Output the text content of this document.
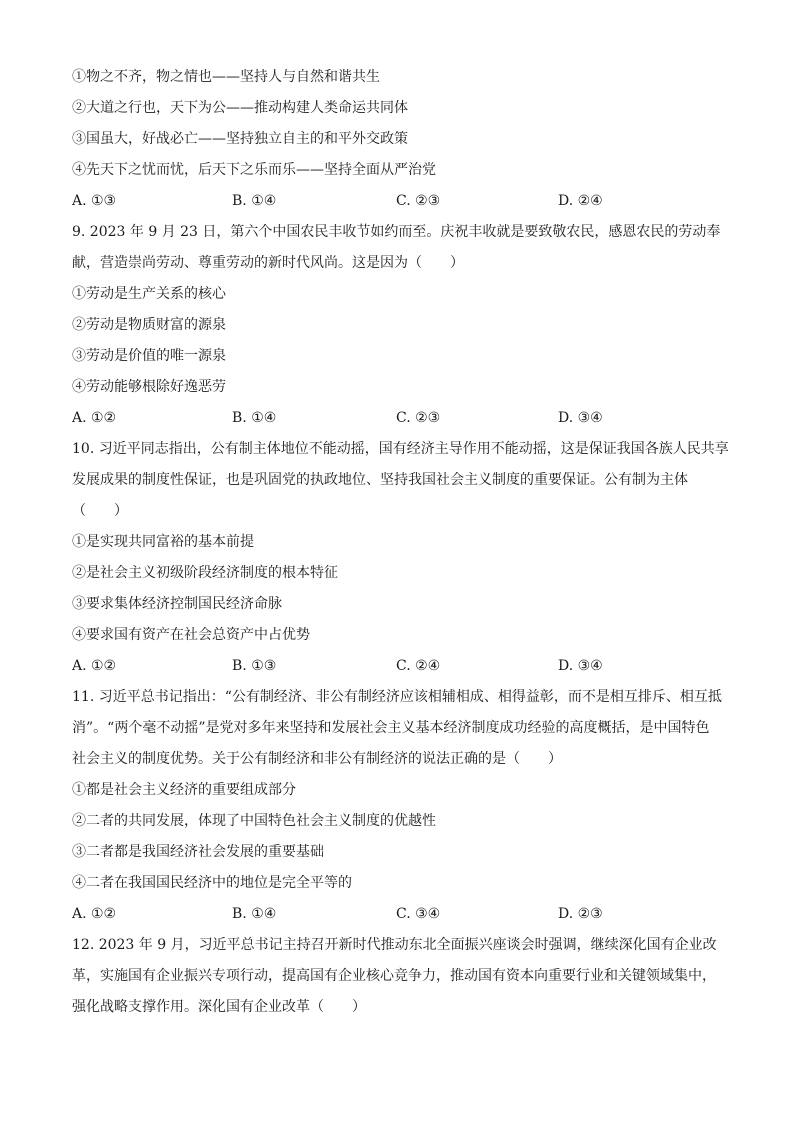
①物之不齐，物之情也——坚持人与自然和谐共生
②大道之行也，天下为公——推动构建人类命运共同体
③国虽大，好战必亡——坚持独立自主的和平外交政策
④先天下之忧而忧，后天下之乐而乐——坚持全面从严治党
A. ①③	B. ①④	C. ②③	D. ②④
9. 2023 年 9 月 23 日，第六个中国农民丰收节如约而至。庆祝丰收就是要致敬农民，感恩农民的劳动奉
献，营造崇尚劳动、尊重劳动的新时代风尚。这是因为（　　）
①劳动是生产关系的核心
②劳动是物质财富的源泉
③劳动是价值的唯一源泉
④劳动能够根除好逸恶劳
A. ①②	B. ①④	C. ②③	D. ③④
10. 习近平同志指出，公有制主体地位不能动摇，国有经济主导作用不能动摇，这是保证我国各族人民共享
发展成果的制度性保证，也是巩固党的执政地位、坚持我国社会主义制度的重要保证。公有制为主体
（　　）
①是实现共同富裕的基本前提
②是社会主义初级阶段经济制度的根本特征
③要求集体经济控制国民经济命脉
④要求国有资产在社会总资产中占优势
A. ①②	B. ①③	C. ②④	D. ③④
11. 习近平总书记指出：“公有制经济、非公有制经济应该相辅相成、相得益彰，而不是相互排斥、相互抵
消”。“两个毫不动摇”是党对多年来坚持和发展社会主义基本经济制度成功经验的高度概括，是中国特色
社会主义的制度优势。关于公有制经济和非公有制经济的说法正确的是（　　）
①都是社会主义经济的重要组成部分
②二者的共同发展，体现了中国特色社会主义制度的优越性
③二者都是我国经济社会发展的重要基础
④二者在我国国民经济中的地位是完全平等的
A. ①②	B. ①④	C. ③④	D. ②③
12. 2023 年 9 月，习近平总书记主持召开新时代推动东北全面振兴座谈会时强调，继续深化国有企业改
革，实施国有企业振兴专项行动，提高国有企业核心竞争力，推动国有资本向重要行业和关键领域集中，
强化战略支撑作用。深化国有企业改革（　　）
